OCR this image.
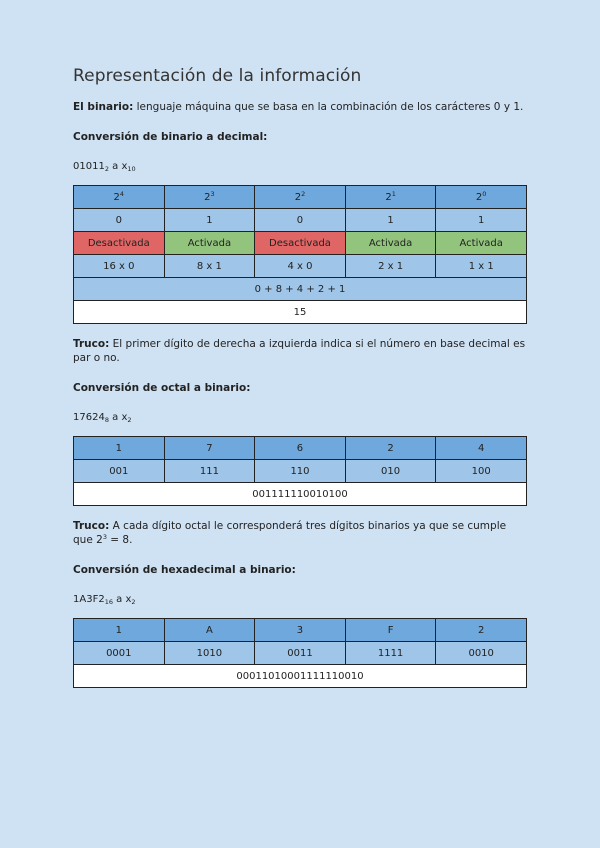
Representación de la información

El binario: lenguaje máquina que se basa en la combinación de los carácteres 0 y 1.

Conversión de binario a decimal:

$01011_2$ a $x_{10}$

$2^4$	$2^3$	$2^2$	$2^1$	$2^0$
0	1	0	1	1
Desactivada	Activada	Desactivada	Activada	Activada
16 x 0	8 x 1	4 x 0	2 x 1	1 x 1
0 + 8 + 4 + 2 + 1				
15				

Truco: El primer dígito de derecha a izquierda indica si el número en base decimal es par o no.

Conversión de octal a binario:

$17624_8$ a $x_2$

1	7	6	2	4
001	111	110	010	100
001111110010100				

Truco: A cada dígito octal le corresponderá tres dígitos binarios ya que se cumple que $2^3 = 8$.

Conversión de hexadecimal a binario:

$1A3F2_{16}$ a $x_2$

1	A	3	F	2
0001	1010	0011	1111	0010
00011010001111110010				
